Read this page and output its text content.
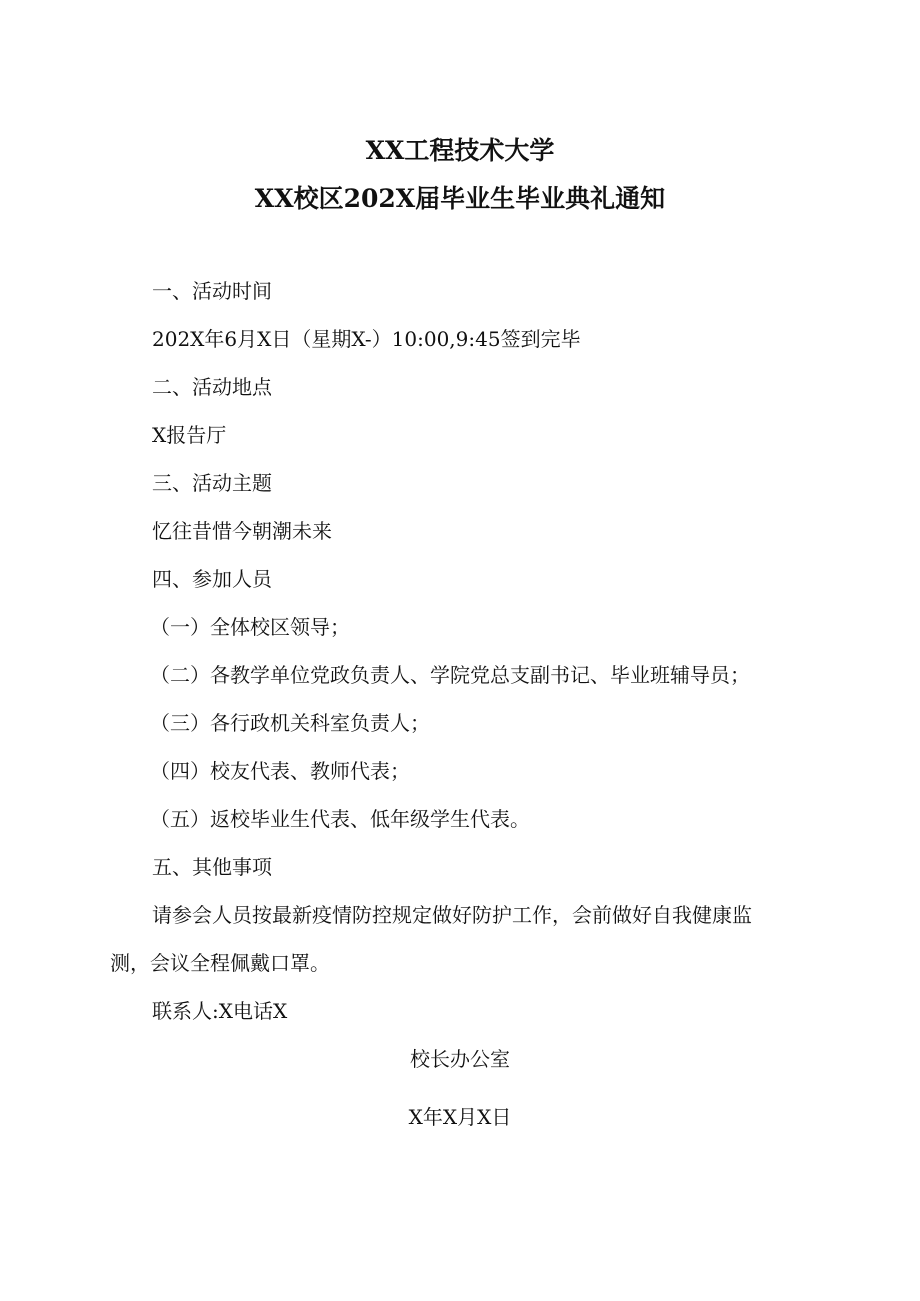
XX工程技术大学
XX校区202X届毕业生毕业典礼通知
一、活动时间
202X年6月X日（星期X-）10:00,9:45签到完毕
二、活动地点
X报告厅
三、活动主题
忆往昔惜今朝潮未来
四、参加人员
（一）全体校区领导；
（二）各教学单位党政负责人、学院党总支副书记、毕业班辅导员；
（三）各行政机关科室负责人；
（四）校友代表、教师代表；
（五）返校毕业生代表、低年级学生代表。
五、其他事项
请参会人员按最新疫情防控规定做好防护工作，会前做好自我健康监
测，会议全程佩戴口罩。
联系人:X电话X
校长办公室
X年X月X日
